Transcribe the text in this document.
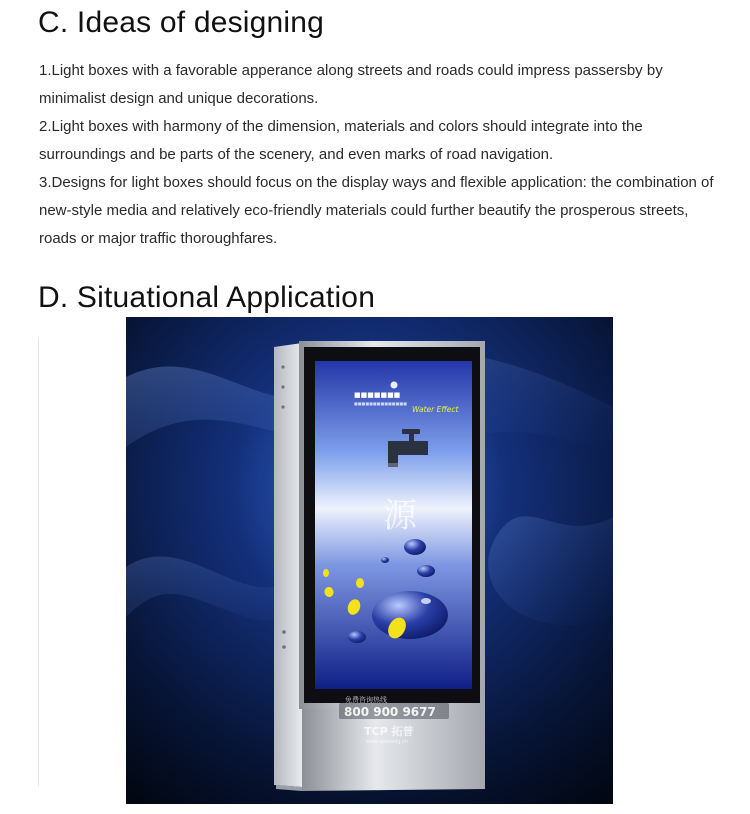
C. Ideas of designing

1.Light boxes with a favorable apperance along streets and roads could impress passersby by minimalist design and unique decorations.

2.Light boxes with harmony of the dimension, materials and colors should integrate into the surroundings and be parts of the scenery, and even marks of road navigation.

3.Designs for light boxes should focus on the display ways and flexible application: the combination of new-style media and relatively eco-friendly materials could further beautify the prosperous streets, roads or major traffic thoroughfares.

D. Situational Application
■■■■■■■
■■■■■■■■■■■■■■
Water Effect
源
免费咨询热线
800 900 9677
TCP 拓普
www.spacedg.cn
